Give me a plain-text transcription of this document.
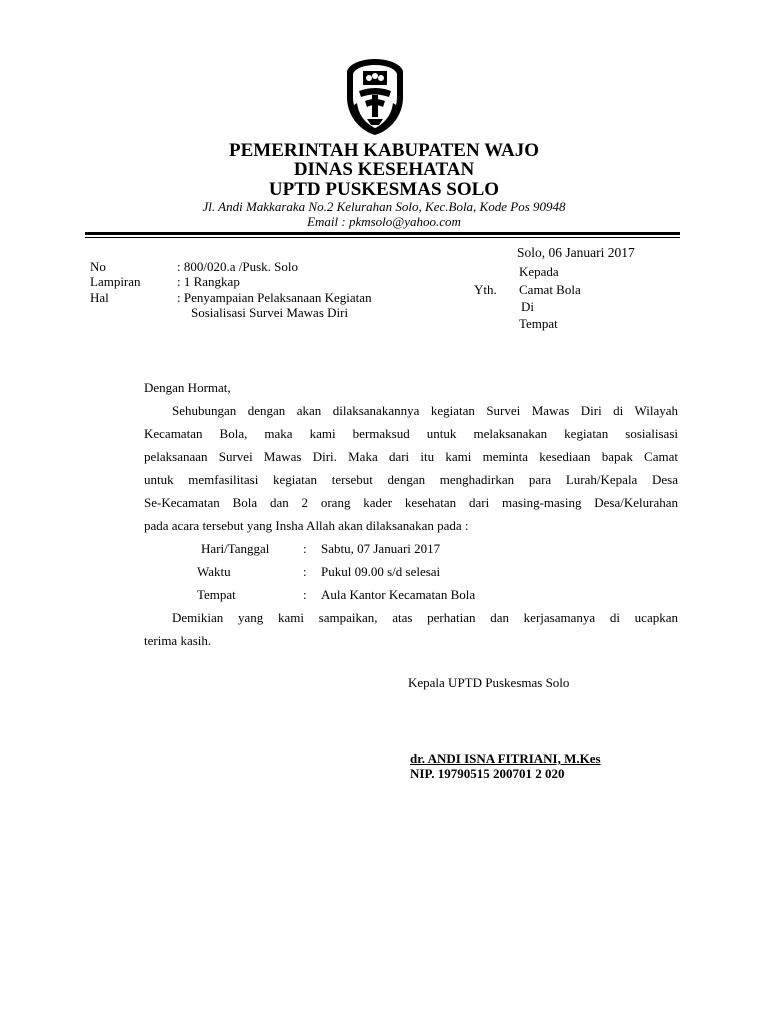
PEMERINTAH KABUPATEN WAJO
DINAS KESEHATAN
UPTD PUSKESMAS SOLO
Jl. Andi Makkaraka No.2 Kelurahan Solo, Kec.Bola, Kode Pos 90948
Email : pkmsolo@yahoo.com
Solo, 06 Januari 2017
No	: 800/020.a /Pusk. Solo
Lampiran	: 1 Rangkap
Hal	: Penyampaian Pelaksanaan Kegiatan
Sosialisasi Survei Mawas Diri
Kepada
Yth. Camat Bola
Di
Tempat
Dengan Hormat,
Sehubungan dengan akan dilaksanakannya kegiatan Survei Mawas Diri di Wilayah
Kecamatan Bola, maka kami bermaksud untuk melaksanakan kegiatan sosialisasi
pelaksanaan Survei Mawas Diri. Maka dari itu kami meminta kesediaan bapak Camat
untuk memfasilitasi kegiatan tersebut dengan menghadirkan para Lurah/Kepala Desa
Se-Kecamatan Bola dan 2 orang kader kesehatan dari masing-masing Desa/Kelurahan
pada acara tersebut yang Insha Allah akan dilaksanakan pada :
Hari/Tanggal	: Sabtu, 07 Januari 2017
Waktu	: Pukul 09.00 s/d selesai
Tempat	: Aula Kantor Kecamatan Bola
Demikian yang kami sampaikan, atas perhatian dan kerjasamanya di ucapkan
terima kasih.
Kepala UPTD Puskesmas Solo
dr. ANDI ISNA FITRIANI, M.Kes
NIP. 19790515 200701 2 020
